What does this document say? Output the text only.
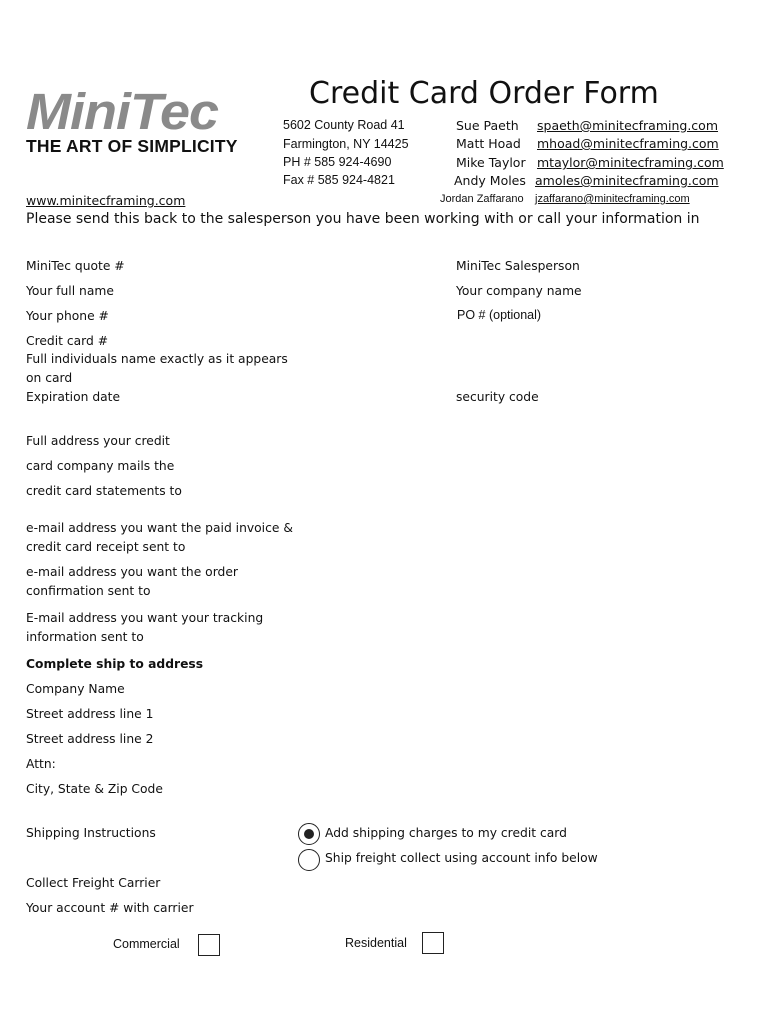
MiniTec
THE ART OF SIMPLICITY
Credit Card Order Form
5602 County Road 41
Farmington, NY 14425
PH # 585 924-4690
Fax # 585 924-4821
Sue Paeth spaeth@minitecframing.com
Matt Hoad mhoad@minitecframing.com
Mike Taylor mtaylor@minitecframing.com
Andy Moles amoles@minitecframing.com
Jordan Zaffarano jzaffarano@minitecframing.com
www.minitecframing.com
Please send this back to the salesperson you have been working with or call your information in
MiniTec quote #	MiniTec Salesperson
Your full name	Your company name
Your phone #	PO # (optional)
Credit card #
Full individuals name exactly as it appears
on card
Expiration date	security code
Full address your credit
card company mails the
credit card statements to
e-mail address you want the paid invoice &
credit card receipt sent to
e-mail address you want the order
confirmation sent to
E-mail address you want your tracking
information sent to
Complete ship to address
Company Name
Street address line 1
Street address line 2
Attn:
City, State & Zip Code
Shipping Instructions	Add shipping charges to my credit card
Ship freight collect using account info below
Collect Freight Carrier
Your account # with carrier
Commercial	Residential
